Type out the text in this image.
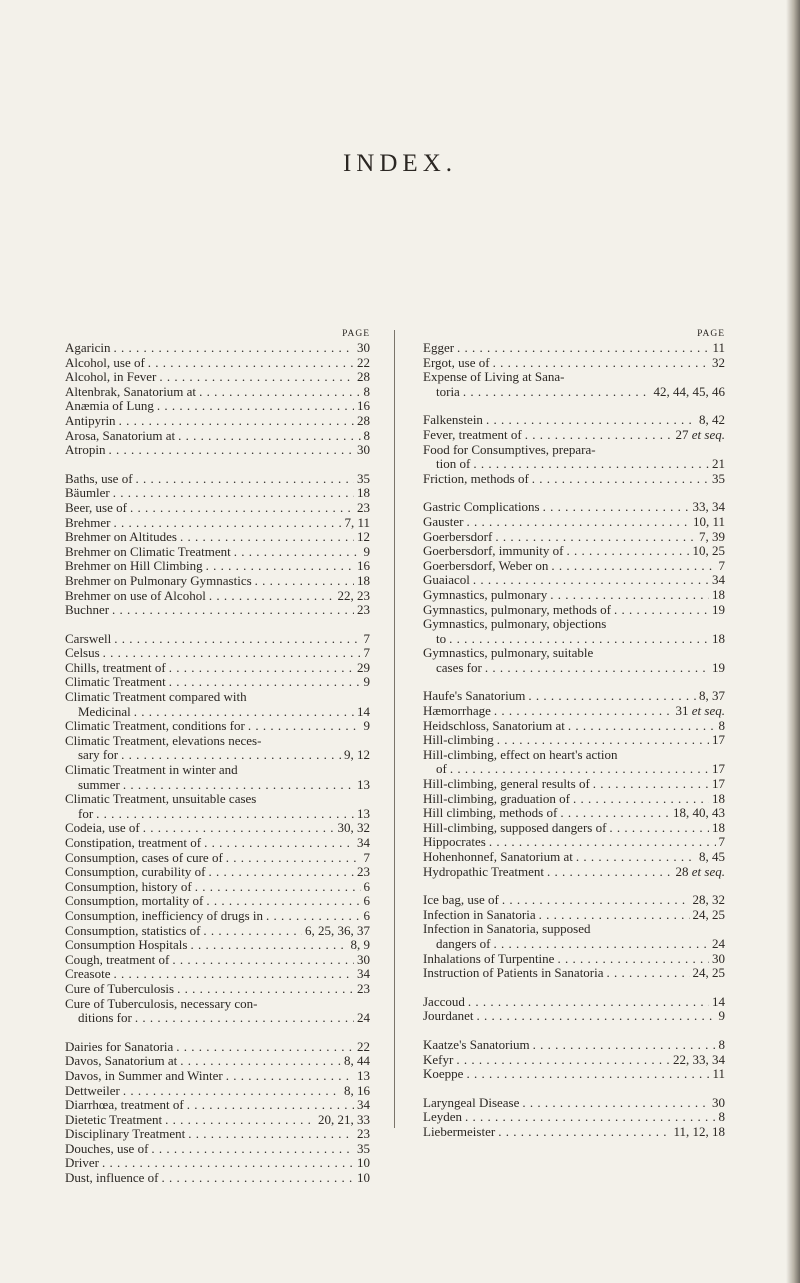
INDEX.
PAGE
Agaricin . . .	30
Alcohol, use of . . .	22
Alcohol, in Fever . . .	28
Altenbrak, Sanatorium at . . .	8
Anæmia of Lung . . .	16
Antipyrin . . .	28
Arosa, Sanatorium at . . .	8
Atropin . . .	30
Baths, use of . . .	35
Bäumler . . .	18
Beer, use of . . .	23
Brehmer . . .	7, 11
Brehmer on Altitudes . . .	12
Brehmer on Climatic Treatment . . .	9
Brehmer on Hill Climbing . . .	16
Brehmer on Pulmonary Gymnastics . . .	18
Brehmer on use of Alcohol . . .	22, 23
Buchner . . .	23
Carswell . . .	7
Celsus . . .	7
Chills, treatment of . . .	29
Climatic Treatment . . .	9
Climatic Treatment compared with
Medicinal . . .	14
Climatic Treatment, conditions for . . .	9
Climatic Treatment, elevations neces-
sary for . . .	9, 12
Climatic Treatment in winter and
summer . . .	13
Climatic Treatment, unsuitable cases
for . . .	13
Codeia, use of . . .	30, 32
Constipation, treatment of . . .	34
Consumption, cases of cure of . . .	7
Consumption, curability of . . .	23
Consumption, history of . . .	6
Consumption, mortality of . . .	6
Consumption, inefficiency of drugs in . . .	6
Consumption, statistics of . . .	6, 25, 36, 37
Consumption Hospitals . . .	8, 9
Cough, treatment of . . .	30
Creasote . . .	34
Cure of Tuberculosis . . .	23
Cure of Tuberculosis, necessary con-
ditions for . . .	24
Dairies for Sanatoria . . .	22
Davos, Sanatorium at . . .	8, 44
Davos, in Summer and Winter . . .	13
Dettweiler . . .	8, 16
Diarrhœa, treatment of . . .	34
Dietetic Treatment . . .	20, 21, 33
Disciplinary Treatment . . .	23
Douches, use of . . .	35
Driver . . .	10
Dust, influence of . . .	10
PAGE
Egger . . .	11
Ergot, use of . . .	32
Expense of Living at Sana-
toria . . .	42, 44, 45, 46
Falkenstein . . .	8, 42
Fever, treatment of . . .	27 et seq.
Food for Consumptives, prepara-
tion of . . .	21
Friction, methods of . . .	35
Gastric Complications . . .	33, 34
Gauster . . .	10, 11
Goerbersdorf . . .	7, 39
Goerbersdorf, immunity of . . .	10, 25
Goerbersdorf, Weber on . . .	7
Guaiacol . . .	34
Gymnastics, pulmonary . . .	18
Gymnastics, pulmonary, methods of . . .	19
Gymnastics, pulmonary, objections
to . . .	18
Gymnastics, pulmonary, suitable
cases for . . .	19
Haufe's Sanatorium . . .	8, 37
Hæmorrhage . . .	31 et seq.
Heidschloss, Sanatorium at . . .	8
Hill-climbing . . .	17
Hill-climbing, effect on heart's action
of . . .	17
Hill-climbing, general results of . . .	17
Hill-climbing, graduation of . . .	18
Hill climbing, methods of . . .	18, 40, 43
Hill-climbing, supposed dangers of . . .	18
Hippocrates . . .	7
Hohenhonnef, Sanatorium at . . .	8, 45
Hydropathic Treatment . . .	28 et seq.
Ice bag, use of . . .	28, 32
Infection in Sanatoria . . .	24, 25
Infection in Sanatoria, supposed
dangers of . . .	24
Inhalations of Turpentine . . .	30
Instruction of Patients in Sanatoria . . .	24, 25
Jaccoud . . .	14
Jourdanet . . .	9
Kaatze's Sanatorium . . .	8
Kefyr . . .	22, 33, 34
Koeppe . . .	11
Laryngeal Disease . . .	30
Leyden . . .	8
Liebermeister . . .	11, 12, 18
